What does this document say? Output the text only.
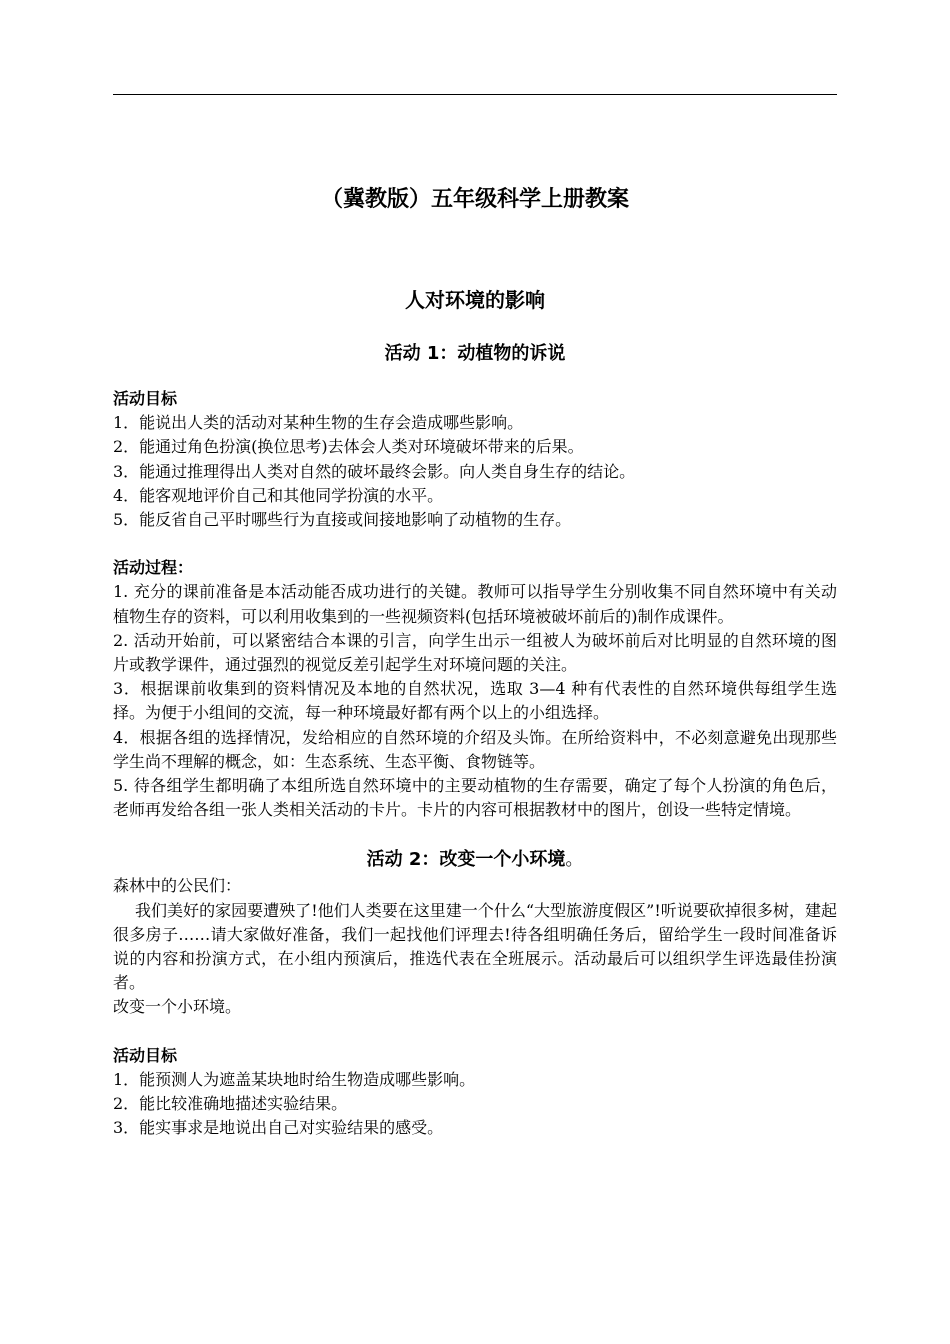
（冀教版）五年级科学上册教案
人对环境的影响
活动 1：动植物的诉说
活动目标

1．能说出人类的活动对某种生物的生存会造成哪些影响。

2．能通过角色扮演(换位思考)去体会人类对环境破坏带来的后果。

3．能通过推理得出人类对自然的破坏最终会影。向人类自身生存的结论。

4．能客观地评价自己和其他同学扮演的水平。

5．能反省自己平时哪些行为直接或间接地影响了动植物的生存。

活动过程：

1. 充分的课前准备是本活动能否成功进行的关键。教师可以指导学生分别收集不同自然环境中有关动植物生存的资料，可以利用收集到的一些视频资料(包括环境被破坏前后的)制作成课件。

2. 活动开始前，可以紧密结合本课的引言，向学生出示一组被人为破坏前后对比明显的自然环境的图片或教学课件，通过强烈的视觉反差引起学生对环境问题的关注。

3．根据课前收集到的资料情况及本地的自然状况，选取 3—4 种有代表性的自然环境供每组学生选择。为便于小组间的交流，每一种环境最好都有两个以上的小组选择。

4．根据各组的选择情况，发给相应的自然环境的介绍及头饰。在所给资料中，不必刻意避免出现那些学生尚不理解的概念，如：生态系统、生态平衡、食物链等。

5. 待各组学生都明确了本组所选自然环境中的主要动植物的生存需要，确定了每个人扮演的角色后，老师再发给各组一张人类相关活动的卡片。卡片的内容可根据教材中的图片，创设一些特定情境。

活动 2：改变一个小环境。

森林中的公民们：

我们美好的家园要遭殃了!他们人类要在这里建一个什么“大型旅游度假区”!听说要砍掉很多树，建起很多房子……请大家做好准备，我们一起找他们评理去!待各组明确任务后，留给学生一段时间准备诉说的内容和扮演方式，在小组内预演后，推选代表在全班展示。活动最后可以组织学生评选最佳扮演者。

改变一个小环境。

活动目标

1．能预测人为遮盖某块地时给生物造成哪些影响。

2．能比较准确地描述实验结果。

3．能实事求是地说出自己对实验结果的感受。
